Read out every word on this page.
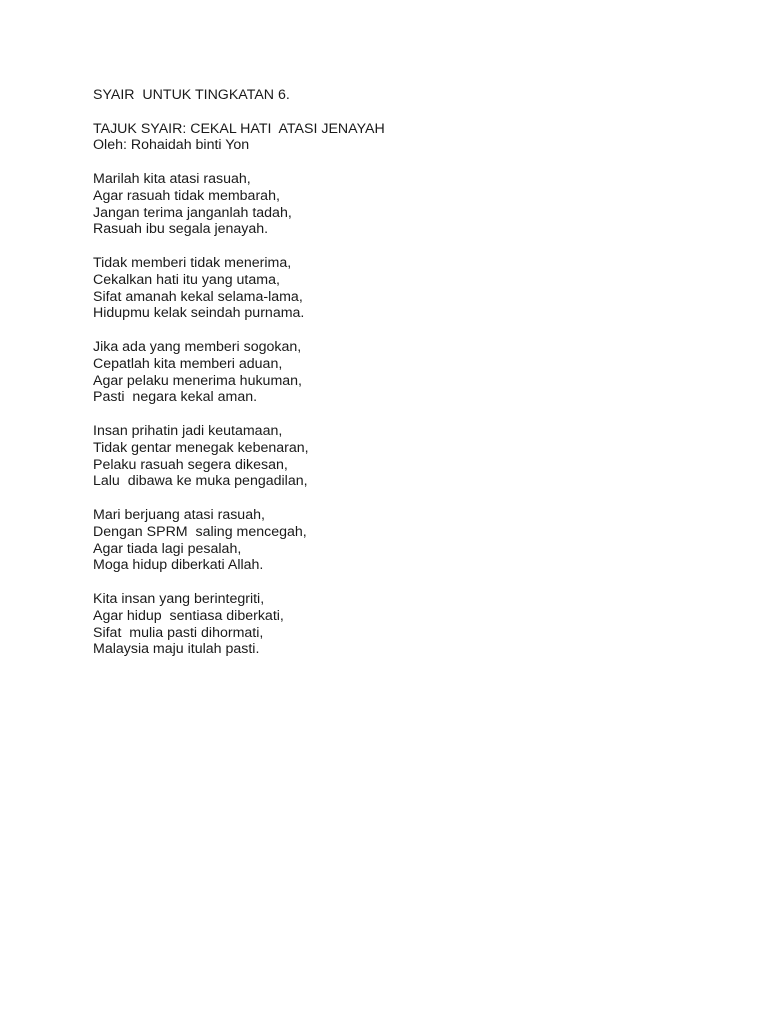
SYAIR  UNTUK TINGKATAN 6.

TAJUK SYAIR: CEKAL HATI  ATASI JENAYAH

Oleh: Rohaidah binti Yon

Marilah kita atasi rasuah,

Agar rasuah tidak membarah,

Jangan terima janganlah tadah,

Rasuah ibu segala jenayah.

Tidak memberi tidak menerima,

Cekalkan hati itu yang utama,

Sifat amanah kekal selama-lama,

Hidupmu kelak seindah purnama.

Jika ada yang memberi sogokan,

Cepatlah kita memberi aduan,

Agar pelaku menerima hukuman,

Pasti  negara kekal aman.

Insan prihatin jadi keutamaan,

Tidak gentar menegak kebenaran,

Pelaku rasuah segera dikesan,

Lalu  dibawa ke muka pengadilan,

Mari berjuang atasi rasuah,

Dengan SPRM  saling mencegah,

Agar tiada lagi pesalah,

Moga hidup diberkati Allah.

Kita insan yang berintegriti,

Agar hidup  sentiasa diberkati,

Sifat  mulia pasti dihormati,

Malaysia maju itulah pasti.
